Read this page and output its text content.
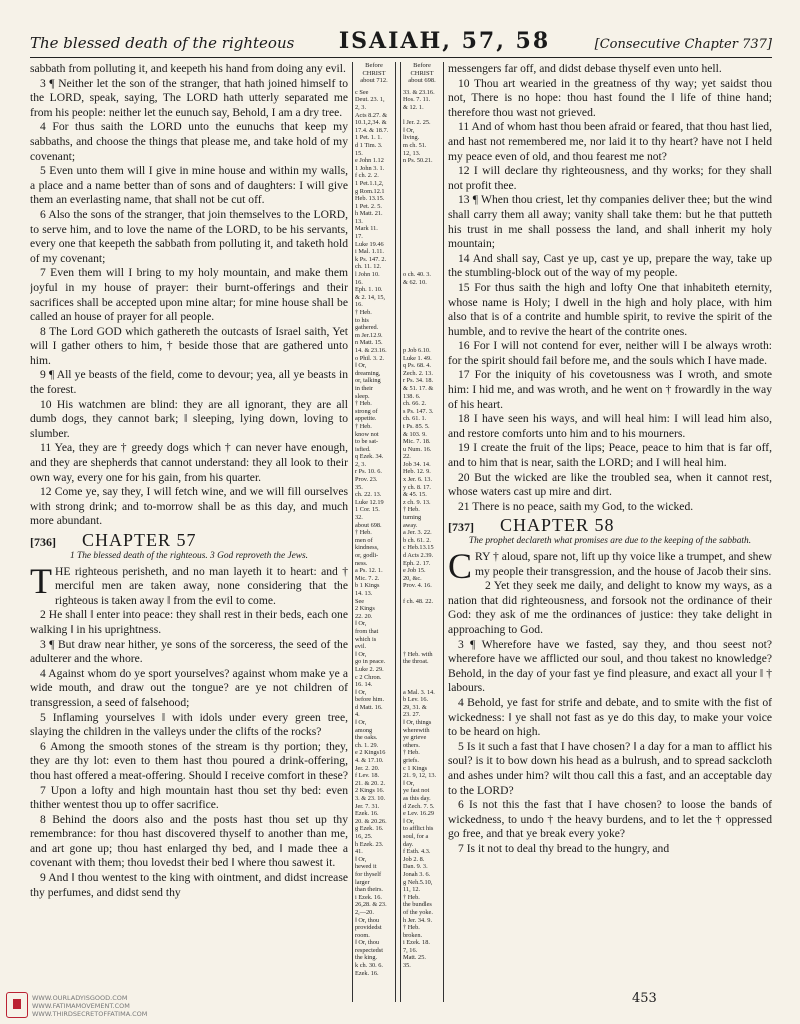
The blessed death of the righteous ISAIAH, 57, 58	[Consecutive Chapter 737]

sabbath from polluting it, and keepeth his hand from doing any evil.

3 ¶ Neither let the son of the stranger, that hath joined himself to the LORD, speak, saying, The LORD hath utterly separated me from his people: neither let the eunuch say, Behold, I am a dry tree.

4 For thus saith the LORD unto the eunuchs that keep my sabbaths, and choose the things that please me, and take hold of my covenant;

5 Even unto them will I give in mine house and within my walls, a place and a name better than of sons and of daughters: I will give them an everlasting name, that shall not be cut off.

6 Also the sons of the stranger, that join themselves to the LORD, to serve him, and to love the name of the LORD, to be his servants, every one that keepeth the sabbath from polluting it, and taketh hold of my covenant;

7 Even them will I bring to my holy mountain, and make them joyful in my house of prayer: their burnt-offerings and their sacrifices shall be accepted upon mine altar; for mine house shall be called an house of prayer for all people.

8 The Lord GOD which gathereth the outcasts of Israel saith, Yet will I gather others to him, † beside those that are gathered unto him.

9 ¶ All ye beasts of the field, come to devour; yea, all ye beasts in the forest.

10 His watchmen are blind: they are all ignorant, they are all dumb dogs, they cannot bark; ‖ sleeping, lying down, loving to slumber.

11 Yea, they are † greedy dogs which † can never have enough, and they are shepherds that cannot understand: they all look to their own way, every one for his gain, from his quarter.

12 Come ye, say they, I will fetch wine, and we will fill ourselves with strong drink; and to-morrow shall be as this day, and much more abundant.

[736] CHAPTER 57
1 The blessed death of the righteous. 3 God reproveth the Jews.

THE righteous perisheth, and no man layeth it to heart: and † merciful men are taken away, none considering that the righteous is taken away ‖ from the evil to come.

2 He shall ‖ enter into peace: they shall rest in their beds, each one walking ‖ in his uprightness.

3 ¶ But draw near hither, ye sons of the sorceress, the seed of the adulterer and the whore.

4 Against whom do ye sport yourselves? against whom make ye a wide mouth, and draw out the tongue? are ye not children of transgression, a seed of falsehood;

5 Inflaming yourselves ‖ with idols under every green tree, slaying the children in the valleys under the clifts of the rocks?

6 Among the smooth stones of the stream is thy portion; they, they are thy lot: even to them hast thou poured a drink-offering, thou hast offered a meat-offering. Should I receive comfort in these?

7 Upon a lofty and high mountain hast thou set thy bed: even thither wentest thou up to offer sacrifice.

8 Behind the doors also and the posts hast thou set up thy remembrance: for thou hast discovered thyself to another than me, and art gone up; thou hast enlarged thy bed, and ‖ made thee a covenant with them; thou lovedst their bed ‖ where thou sawest it.

9 And ‖ thou wentest to the king with ointment, and didst increase thy perfumes, and didst send thy

Before CHRIST about 712.
c See
Deut. 23. 1,
2, 3.
Acts 8.27. &
10.1,2,34. &
17.4. & 18.7.
1 Pet. 1. 1.
d 1 Tim. 3.
15.
e John 1.12
1 John 3. 1.
f ch. 2. 2.
1 Pet.1.1,2,
g Rom.12.1
Heb. 13.15.
1 Pet. 2. 5.
h Matt. 21.
13.
Mark 11.
17.
Luke 19.46
i Mal. 1.11.
k Ps. 147. 2.
ch. 11. 12.
l John 10.
16.
Eph. 1. 10.
& 2. 14, 15,
16.
† Heb.
to his
gathered.
m Jer.12.9.
n Matt. 15.
14. & 23.16.
o Phil. 3. 2.
‖ Or,
dreaming,
or, talking
in their
sleep.
† Heb.
strong of
appetite.
† Heb.
know not
to be sat-
isfied.
q Ezek. 34.
2, 3.
r Ps. 10. 6.
Prov. 23.
35.
ch. 22. 13.
Luke 12.19
1 Cor. 15.
32.
about 698.
† Heb.
men of
kindness,
or, godli-
ness.
a Ps. 12. 1.
Mic. 7. 2.
b 1 Kings
14. 13.
See
2 Kings
22. 20.
‖ Or,
from that
which is
evil.
‖ Or,
go in peace.
Luke 2. 29.
c 2 Chron.
16. 14.
‖ Or,
before him.
d Matt. 16.
4.
‖ Or,
among
the oaks.
ch. 1. 29.
e 2 Kings16
4. & 17.10.
Jer. 2. 20.
f Lev. 18.
21. & 20. 2.
2 Kings 16.
3. & 23. 10.
Jer. 7. 31.
Ezek. 16.
20. & 20.26.
g Ezek. 16.
16, 25.
h Ezek. 23.
41.
‖ Or,
hewed it
for thyself
larger
than theirs.
i Ezek. 16.
26,28. & 23.
2,—20.
‖ Or, thou
providedst
room.
‖ Or, thou
respectedst
the king.
k ch. 30. 6.
Ezek. 16.
Before CHRIST about 698.
33. & 23.16.
Hos. 7. 11.
& 12. 1.

l Jer. 2. 25.
‖ Or,
living.
m ch. 51.
12, 13.
n Ps. 50.21.

o ch. 40. 3.
& 62. 10.

p Job 6.10.
Luke 1. 49.
q Ps. 68. 4.
Zech. 2. 13.
r Ps. 34. 18.
& 51. 17. &
138. 6.
ch. 66. 2.
s Ps. 147. 3.
ch. 61. 1.
t Ps. 85. 5.
& 103. 9.
Mic. 7. 18.
u Num. 16.
22.
Job 34. 14.
Heb. 12. 9.
x Jer. 6. 13.
y ch. 8. 17.
& 45. 15.
z ch. 9. 13.
† Heb.
turning
away.
a Jer. 3. 22.
b ch. 61. 2.
c Heb.13.15
d Acts 2.39.
Eph. 2. 17.
e Job 15.
20, &c.
Prov. 4. 16.

f ch. 48. 22.

† Heb. with
the throat.

a Mal. 3. 14.
b Lev. 16.
29, 31. &
23. 27.
‖ Or, things
wherewith
ye grieve
others.
† Heb.
griefs.
c 1 Kings
21. 9, 12, 13.
‖ Or,
ye fast not
as this day.
d Zech. 7. 5.
e Lev. 16.29
‖ Or,
to afflict his
soul, for a
day.
f Esth. 4.3.
Job 2. 8.
Dan. 9. 3.
Jonah 3. 6.
g Neh.5.10,
11, 12.
† Heb.
the bundles
of the yoke.
h Jer. 34. 9.
† Heb.
broken.
i Ezek. 18.
7, 16.
Matt. 25.
35.

messengers far off, and didst debase thyself even unto hell.

10 Thou art wearied in the greatness of thy way; yet saidst thou not, There is no hope: thou hast found the ‖ life of thine hand; therefore thou wast not grieved.

11 And of whom hast thou been afraid or feared, that thou hast lied, and hast not remembered me, nor laid it to thy heart? have not I held my peace even of old, and thou fearest me not?

12 I will declare thy righteousness, and thy works; for they shall not profit thee.

13 ¶ When thou criest, let thy companies deliver thee; but the wind shall carry them all away; vanity shall take them: but he that putteth his trust in me shall possess the land, and shall inherit my holy mountain;

14 And shall say, Cast ye up, cast ye up, prepare the way, take up the stumbling-block out of the way of my people.

15 For thus saith the high and lofty One that inhabiteth eternity, whose name is Holy; I dwell in the high and holy place, with him also that is of a contrite and humble spirit, to revive the spirit of the humble, and to revive the heart of the contrite ones.

16 For I will not contend for ever, neither will I be always wroth: for the spirit should fail before me, and the souls which I have made.

17 For the iniquity of his covetousness was I wroth, and smote him: I hid me, and was wroth, and he went on † frowardly in the way of his heart.

18 I have seen his ways, and will heal him: I will lead him also, and restore comforts unto him and to his mourners.

19 I create the fruit of the lips; Peace, peace to him that is far off, and to him that is near, saith the LORD; and I will heal him.

20 But the wicked are like the troubled sea, when it cannot rest, whose waters cast up mire and dirt.

21 There is no peace, saith my God, to the wicked.

[737] CHAPTER 58
The prophet declareth what promises are due to the keeping of the sabbath.

CRY † aloud, spare not, lift up thy voice like a trumpet, and shew my people their transgression, and the house of Jacob their sins.

2 Yet they seek me daily, and delight to know my ways, as a nation that did righteousness, and forsook not the ordinance of their God: they ask of me the ordinances of justice: they take delight in approaching to God.

3 ¶ Wherefore have we fasted, say they, and thou seest not? wherefore have we afflicted our soul, and thou takest no knowledge? Behold, in the day of your fast ye find pleasure, and exact all your ‖ † labours.

4 Behold, ye fast for strife and debate, and to smite with the fist of wickedness: ‖ ye shall not fast as ye do this day, to make your voice to be heard on high.

5 Is it such a fast that I have chosen? ‖ a day for a man to afflict his soul? is it to bow down his head as a bulrush, and to spread sackcloth and ashes under him? wilt thou call this a fast, and an acceptable day to the LORD?

6 Is not this the fast that I have chosen? to loose the bands of wickedness, to undo † the heavy burdens, and to let the † oppressed go free, and that ye break every yoke?

7 Is it not to deal thy bread to the hungry, and

WWW.OURLADYISGOOD.COM
WWW.FATIMAMOVEMENT.COM
WWW.THIRDSECRETOFFATIMA.COM
453
